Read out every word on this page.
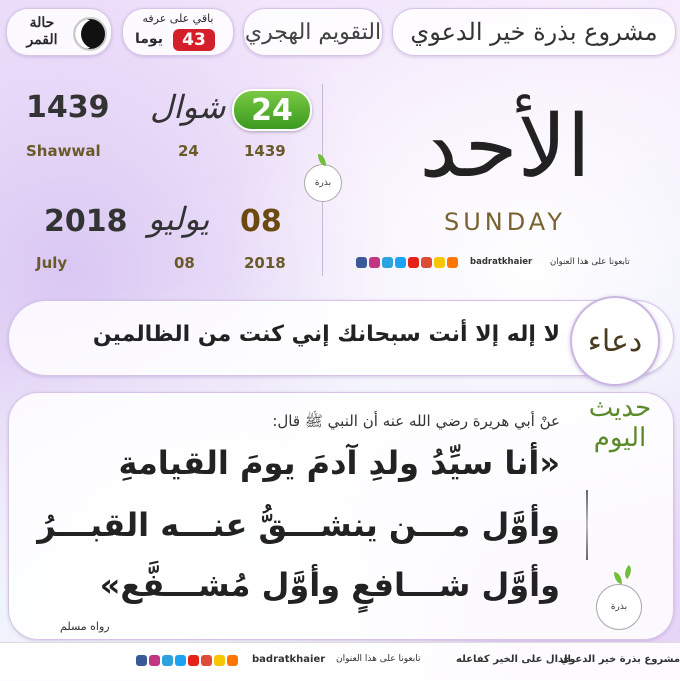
حالة القمر
باقي على عرفه
43
يوما	التقويم الهجري	مشروع بذرة خير الدعوي
1439 شوال 24
Shawwal	24	1439
2018 يوليو 08
July	08	2018
بذرة	الأحد
SUNDAY
badratkhaier تابعونا على هذا العنوان
لا إله إلا أنت سبحانك إني كنت من الظالمين دعاء
حديث اليوم
عنْ أبي هريرة رضي الله عنه أن النبي ﷺ قال:
«أنا سيِّدُ ولدِ آدمَ يومَ القيامةِ
وأوَّل مـــن ينشـــقُّ عنـــه القبـــرُ
وأوَّل شـــافعٍ وأوَّل مُشـــفَّع»
رواه مسلم
بذرة
badratkhaier تابعونا على هذا العنوان	الدال على الخير كفاعله
مشروع بذرة خير الدعوي
